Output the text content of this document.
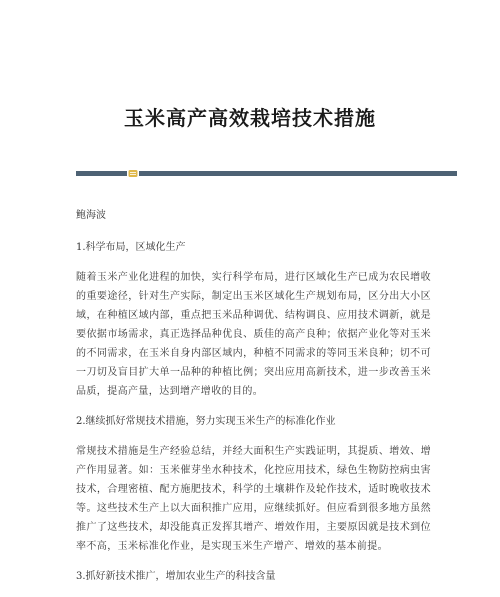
玉米高产高效栽培技术措施
鲍海波
1.科学布局，区域化生产

随着玉米产业化进程的加快，实行科学布局，进行区域化生产已成为农民增收的重要途径，针对生产实际，制定出玉米区域化生产规划布局，区分出大小区域，在种植区域内部，重点把玉米品种调优、结构调良、应用技术调新，就是要依据市场需求，真正选择品种优良、质佳的高产良种；依据产业化等对玉米的不同需求，在玉米自身内部区域内，种植不同需求的等同玉米良种；切不可一刀切及盲目扩大单一品种的种植比例；突出应用高新技术，进一步改善玉米品质，提高产量，达到增产增收的目的。

2.继续抓好常规技术措施，努力实现玉米生产的标准化作业

常规技术措施是生产经验总结，并经大面积生产实践证明，其提质、增效、增产作用显著。如：玉米催芽坐水种技术，化控应用技术，绿色生物防控病虫害技术，合理密植、配方施肥技术，科学的土壤耕作及轮作技术，适时晚收技术等。这些技术生产上以大面积推广应用，应继续抓好。但应看到很多地方虽然推广了这些技术，却没能真正发挥其增产、增效作用，主要原因就是技术到位率不高，玉米标准化作业，是实现玉米生产增产、增效的基本前提。

3.抓好新技术推广，增加农业生产的科技含量
